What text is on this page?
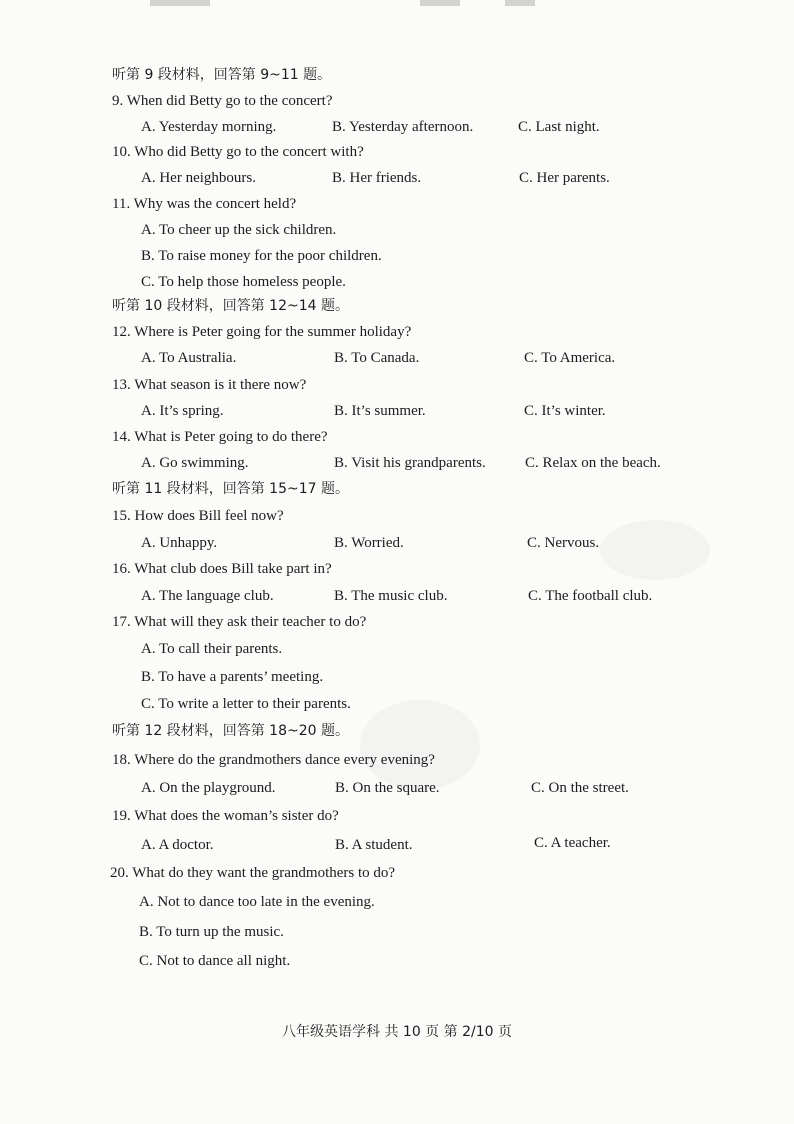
听第 9 段材料，回答第 9~11 题。
9. When did Betty go to the concert?
A. Yesterday morning.	B. Yesterday afternoon.	C. Last night.
10. Who did Betty go to the concert with?
A. Her neighbours.	B. Her friends.	C. Her parents.
11. Why was the concert held?
A. To cheer up the sick children.
B. To raise money for the poor children.
C. To help those homeless people.
听第 10 段材料，回答第 12~14 题。
12. Where is Peter going for the summer holiday?
A. To Australia.	B. To Canada.	C. To America.
13. What season is it there now?
A. It’s spring.	B. It’s summer.	C. It’s winter.
14. What is Peter going to do there?
A. Go swimming.	B. Visit his grandparents.	C. Relax on the beach.
听第 11 段材料，回答第 15~17 题。
15. How does Bill feel now?
A. Unhappy.	B. Worried.	C. Nervous.
16. What club does Bill take part in?
A. The language club.	B. The music club.	C. The football club.
17. What will they ask their teacher to do?
A. To call their parents.
B. To have a parents’ meeting.
C. To write a letter to their parents.
听第 12 段材料，回答第 18~20 题。
18. Where do the grandmothers dance every evening?
A. On the playground.	B. On the square.	C. On the street.
19. What does the woman’s sister do?
A. A doctor.	B. A student.	C. A teacher.
20. What do they want the grandmothers to do?
A. Not to dance too late in the evening.
B. To turn up the music.
C. Not to dance all night.
八年级英语学科 共 10 页 第 2/10 页
